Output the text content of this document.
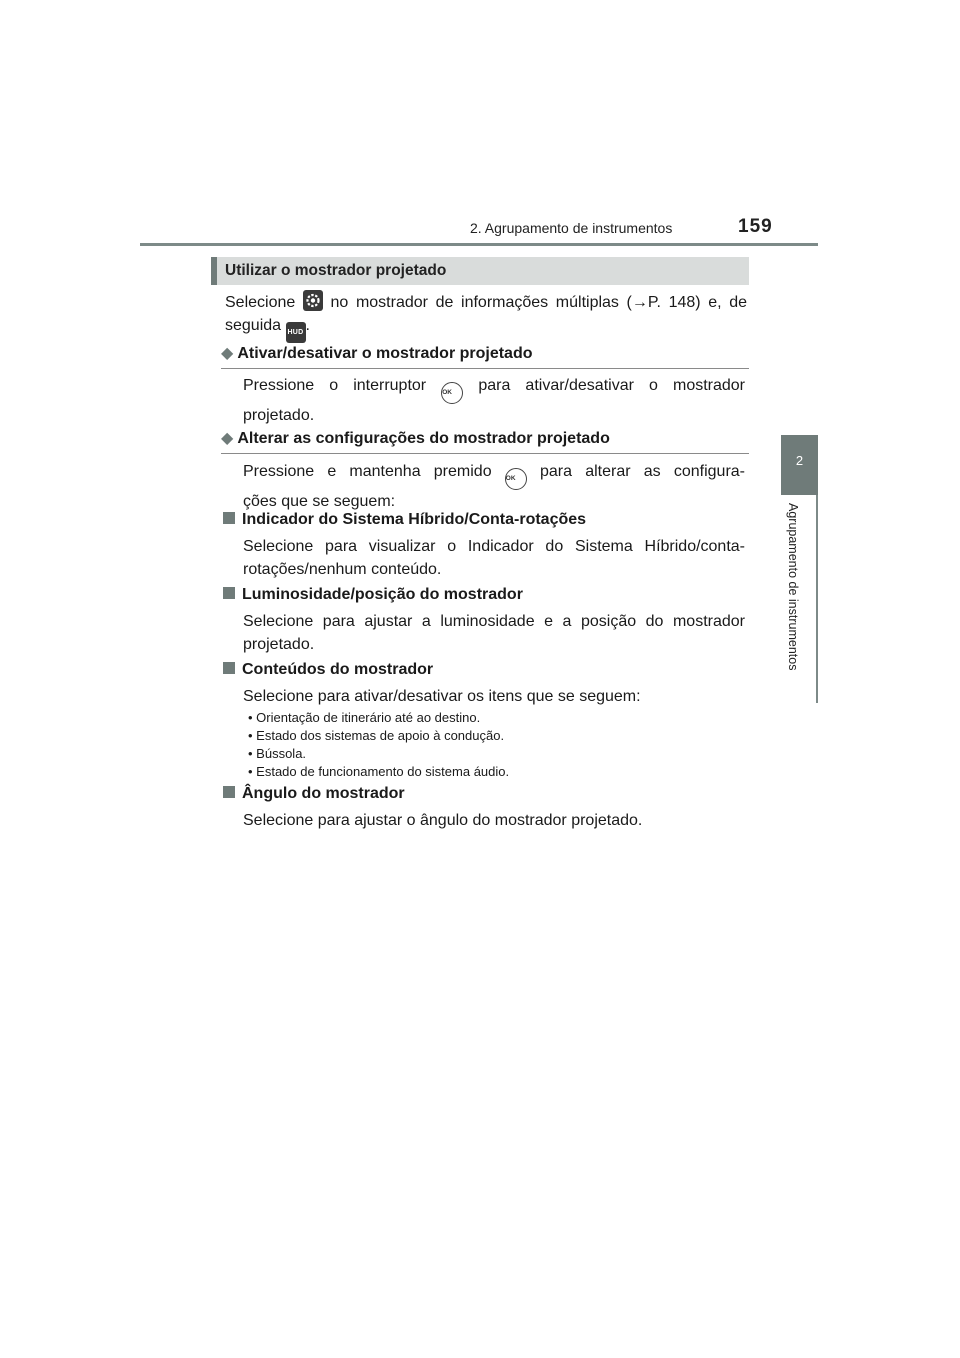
2. Agrupamento de instrumentos	159
2
Agrupamento de instrumentos
Utilizar o mostrador projetado
Selecione no mostrador de informações múltiplas (→P. 148) e, de
seguida HUD .
◆ Ativar/desativar o mostrador projetado
Pressione o interruptor OK para ativar/desativar o mostrador
projetado.
◆ Alterar as configurações do mostrador projetado
Pressione e mantenha premido OK para alterar as configura-
ções que se seguem:
Indicador do Sistema Híbrido/Conta-rotações
Selecione para visualizar o Indicador do Sistema Híbrido/conta-
rotações/nenhum conteúdo.
Luminosidade/posição do mostrador
Selecione para ajustar a luminosidade e a posição do mostrador
projetado.
Conteúdos do mostrador
Selecione para ativar/desativar os itens que se seguem:
• Orientação de itinerário até ao destino.
• Estado dos sistemas de apoio à condução.
• Bússola.
• Estado de funcionamento do sistema áudio.
Ângulo do mostrador
Selecione para ajustar o ângulo do mostrador projetado.
